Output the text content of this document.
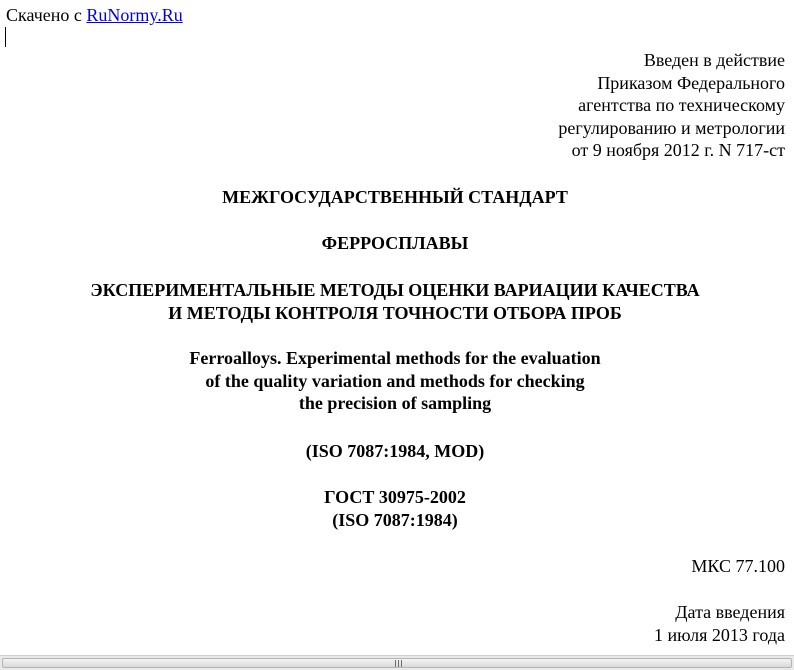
Скачено с RuNormy.Ru
Введен в действие
Приказом Федерального
агентства по техническому
регулированию и метрологии
от 9 ноября 2012 г. N 717-ст
МЕЖГОСУДАРСТВЕННЫЙ СТАНДАРТ
ФЕРРОСПЛАВЫ
ЭКСПЕРИМЕНТАЛЬНЫЕ МЕТОДЫ ОЦЕНКИ ВАРИАЦИИ КАЧЕСТВА
И МЕТОДЫ КОНТРОЛЯ ТОЧНОСТИ ОТБОРА ПРОБ
Ferroalloys. Experimental methods for the evaluation
of the quality variation and methods for checking
the precision of sampling
(ISO 7087:1984, MOD)
ГОСТ 30975-2002
(ISO 7087:1984)
МКС 77.100
Дата введения
1 июля 2013 года
